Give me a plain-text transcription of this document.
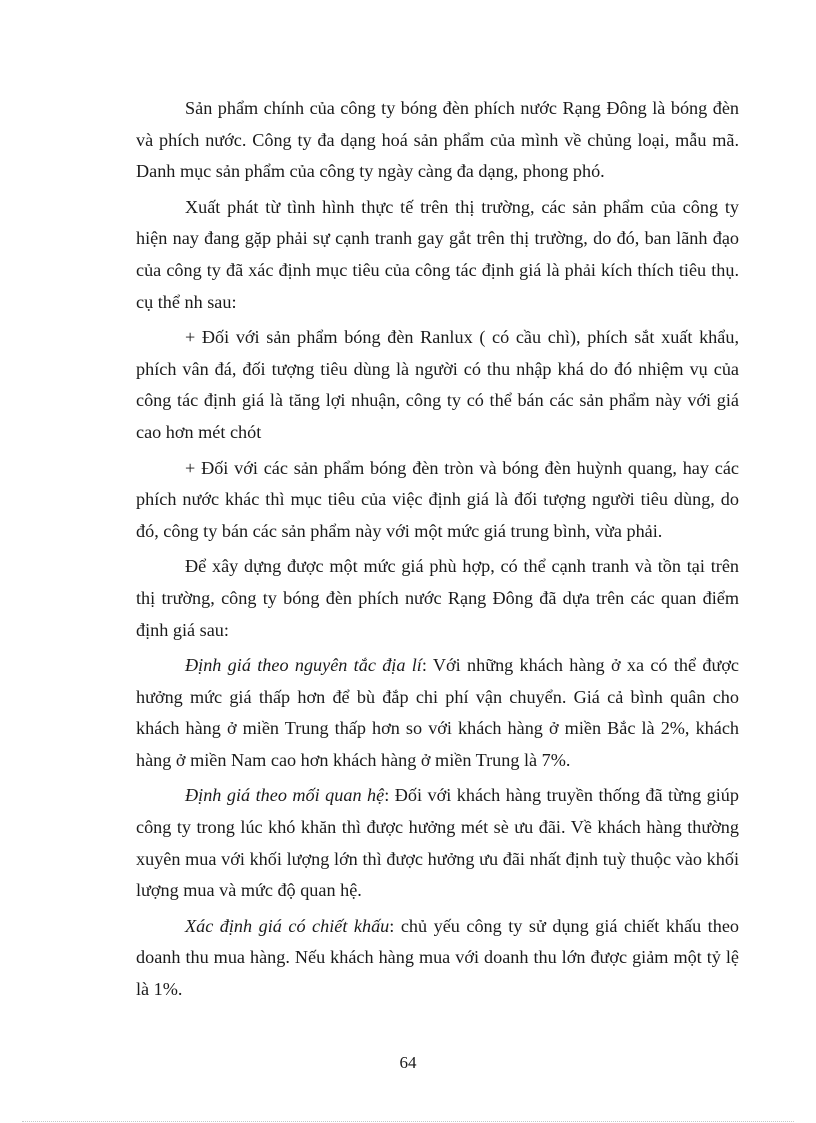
Sản phẩm chính của công ty bóng đèn phích nước Rạng Đông là bóng đèn và phích nước. Công ty đa dạng hoá sản phẩm của mình về chủng loại, mẫu mã. Danh mục sản phẩm của công ty ngày càng đa dạng, phong phó.

Xuất phát từ tình hình thực tế trên thị trường, các sản phẩm của công ty hiện nay đang gặp phải sự cạnh tranh gay gắt trên thị trường, do đó, ban lãnh đạo của công ty đã xác định mục tiêu của công tác định giá là phải kích thích tiêu thụ. cụ thể nh sau:

+ Đối với sản phẩm bóng đèn Ranlux ( có cầu chì), phích sắt xuất khẩu, phích vân đá, đối tượng tiêu dùng là người có thu nhập khá do đó nhiệm vụ của công tác định giá là tăng lợi nhuận, công ty có thể bán các sản phẩm này với giá cao hơn mét chót

+ Đối với các sản phẩm bóng đèn tròn và bóng đèn huỳnh quang, hay các phích nước khác thì mục tiêu của việc định giá là đối tượng người tiêu dùng, do đó, công ty bán các sản phẩm này với một mức giá trung bình, vừa phải.

Để xây dựng được một mức giá phù hợp, có thể cạnh tranh và tồn tại trên thị trường, công ty bóng đèn phích nước Rạng Đông đã dựa trên các quan điểm định giá sau:

Định giá theo nguyên tắc địa lí: Với những khách hàng ở xa có thể được hưởng mức giá thấp hơn để bù đắp chi phí vận chuyển. Giá cả bình quân cho khách hàng ở miền Trung thấp hơn so với khách hàng ở miền Bắc là 2%, khách hàng ở miền Nam cao hơn khách hàng ở miền Trung là 7%.

Định giá theo mối quan hệ: Đối với khách hàng truyền thống đã từng giúp công ty trong lúc khó khăn thì được hưởng mét sè ưu đãi. Về khách hàng thường xuyên mua với khối lượng lớn thì được hưởng ưu đãi nhất định tuỳ thuộc vào khối lượng mua và mức độ quan hệ.

Xác định giá có chiết khấu: chủ yếu công ty sử dụng giá chiết khấu theo doanh thu mua hàng. Nếu khách hàng mua với doanh thu lớn được giảm một tỷ lệ là 1%.

64
